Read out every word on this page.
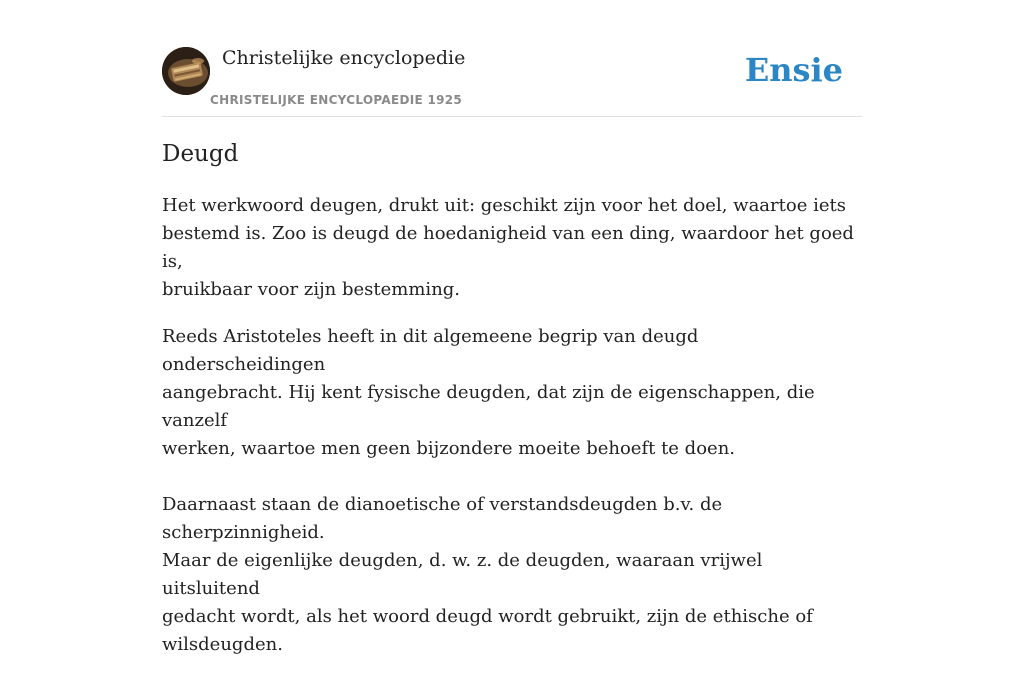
Christelijke encyclopedie
CHRISTELIJKE ENCYCLOPAEDIE 1925
Ensie
Deugd

Het werkwoord deugen, drukt uit: geschikt zijn voor het doel, waartoe iets
bestemd is. Zoo is deugd de hoedanigheid van een ding, waardoor het goed is,
bruikbaar voor zijn bestemming.

Reeds Aristoteles heeft in dit algemeene begrip van deugd onderscheidingen
aangebracht. Hij kent fysische deugden, dat zijn de eigenschappen, die vanzelf
werken, waartoe men geen bijzondere moeite behoeft te doen.

Daarnaast staan de dianoetische of verstandsdeugden b.v. de scherpzinnigheid.
Maar de eigenlijke deugden, d. w. z. de deugden, waaraan vrijwel uitsluitend
gedacht wordt, als het woord deugd wordt gebruikt, zijn de ethische of
wilsdeugden.
